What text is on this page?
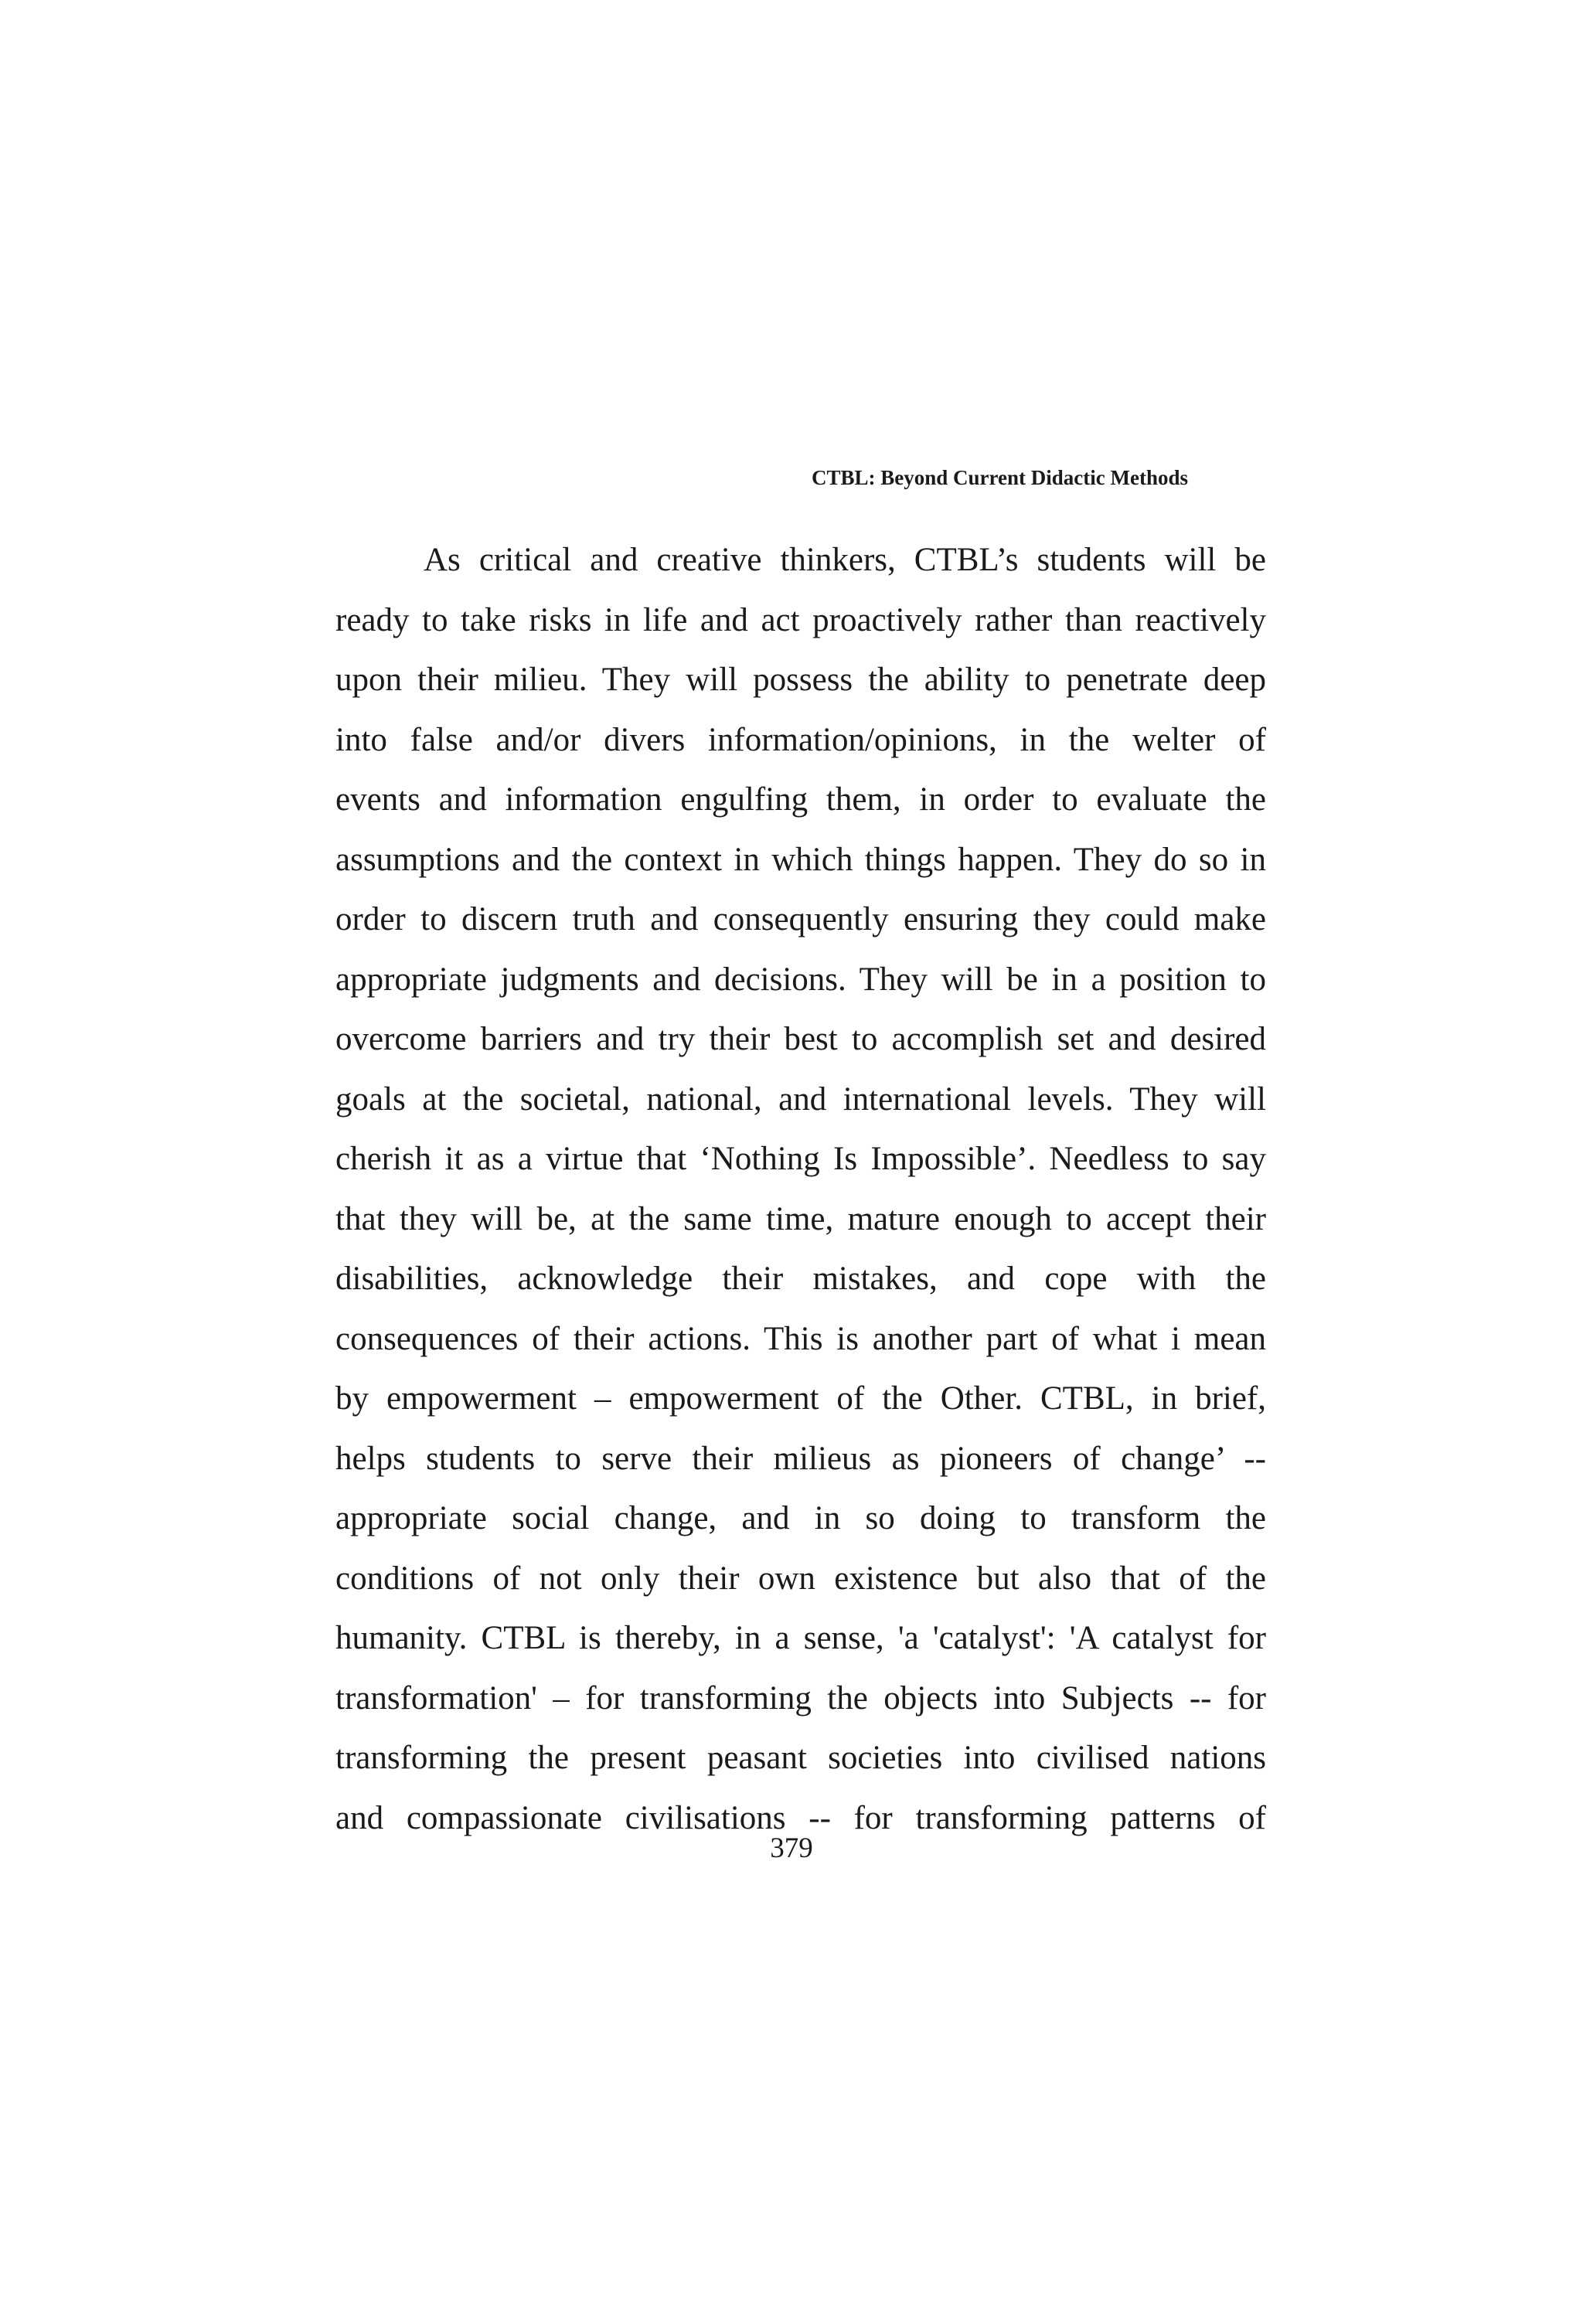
CTBL: Beyond Current Didactic Methods
As critical and creative thinkers, CTBL’s students will be
ready to take risks in life and act proactively rather than reactively
upon their milieu. They will possess the ability to penetrate deep
into false and/or divers information/opinions, in the welter of
events and information engulfing them, in order to evaluate the
assumptions and the context in which things happen. They do so in
order to discern truth and consequently ensuring they could make
appropriate judgments and decisions. They will be in a position to
overcome barriers and try their best to accomplish set and desired
goals at the societal, national, and international levels. They will
cherish it as a virtue that ‘Nothing Is Impossible’. Needless to say
that they will be, at the same time, mature enough to accept their
disabilities, acknowledge their mistakes, and cope with the
consequences of their actions. This is another part of what i mean
by empowerment – empowerment of the Other. CTBL, in brief,
helps students to serve their milieus as pioneers of change’ --
appropriate social change, and in so doing to transform the
conditions of not only their own existence but also that of the
humanity. CTBL is thereby, in a sense, 'a 'catalyst': 'A catalyst for
transformation' – for transforming the objects into Subjects -- for
transforming the present peasant societies into civilised nations
and compassionate civilisations -- for transforming patterns of
379
